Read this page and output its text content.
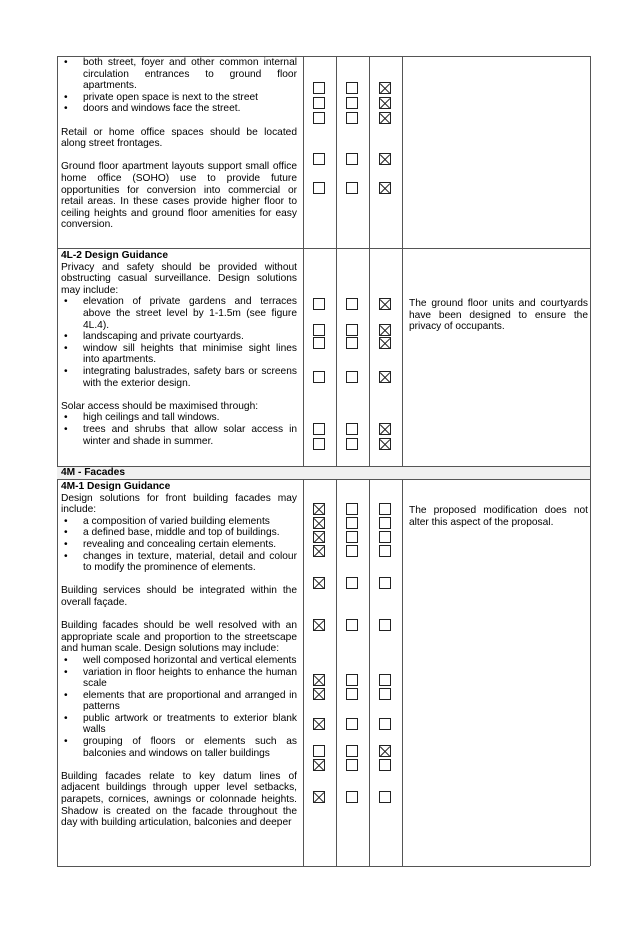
4M - Facades

• both street, foyer and other common internal circulation entrances to ground floor apartments.

• private open space is next to the street

• doors and windows face the street.

Retail or home office spaces should be located along street frontages.

Ground floor apartment layouts support small office home office (SOHO) use to provide future opportunities for conversion into commercial or retail areas. In these cases provide higher floor to ceiling heights and ground floor amenities for easy conversion.

4L-2 Design Guidance

Privacy and safety should be provided without obstructing casual surveillance. Design solutions may include:

• elevation of private gardens and terraces above the street level by 1-1.5m (see figure 4L.4).

• landscaping and private courtyards.

• window sill heights that minimise sight lines into apartments.

• integrating balustrades, safety bars or screens with the exterior design.

Solar access should be maximised through:

• high ceilings and tall windows.

• trees and shrubs that allow solar access in winter and shade in summer.

The ground floor units and courtyards have been designed to ensure the privacy of occupants.

4M-1 Design Guidance

Design solutions for front building facades may include:

• a composition of varied building elements

• a defined base, middle and top of buildings.

• revealing and concealing certain elements.

• changes in texture, material, detail and colour to modify the prominence of elements.

Building services should be integrated within the overall façade.

Building facades should be well resolved with an appropriate scale and proportion to the streetscape and human scale. Design solutions may include:

• well composed horizontal and vertical elements

• variation in floor heights to enhance the human scale

• elements that are proportional and arranged in patterns

• public artwork or treatments to exterior blank walls

• grouping of floors or elements such as balconies and windows on taller buildings

Building facades relate to key datum lines of adjacent buildings through upper level setbacks, parapets, cornices, awnings or colonnade heights. Shadow is created on the facade throughout the day with building articulation, balconies and deeper

The proposed modification does not alter this aspect of the proposal.
